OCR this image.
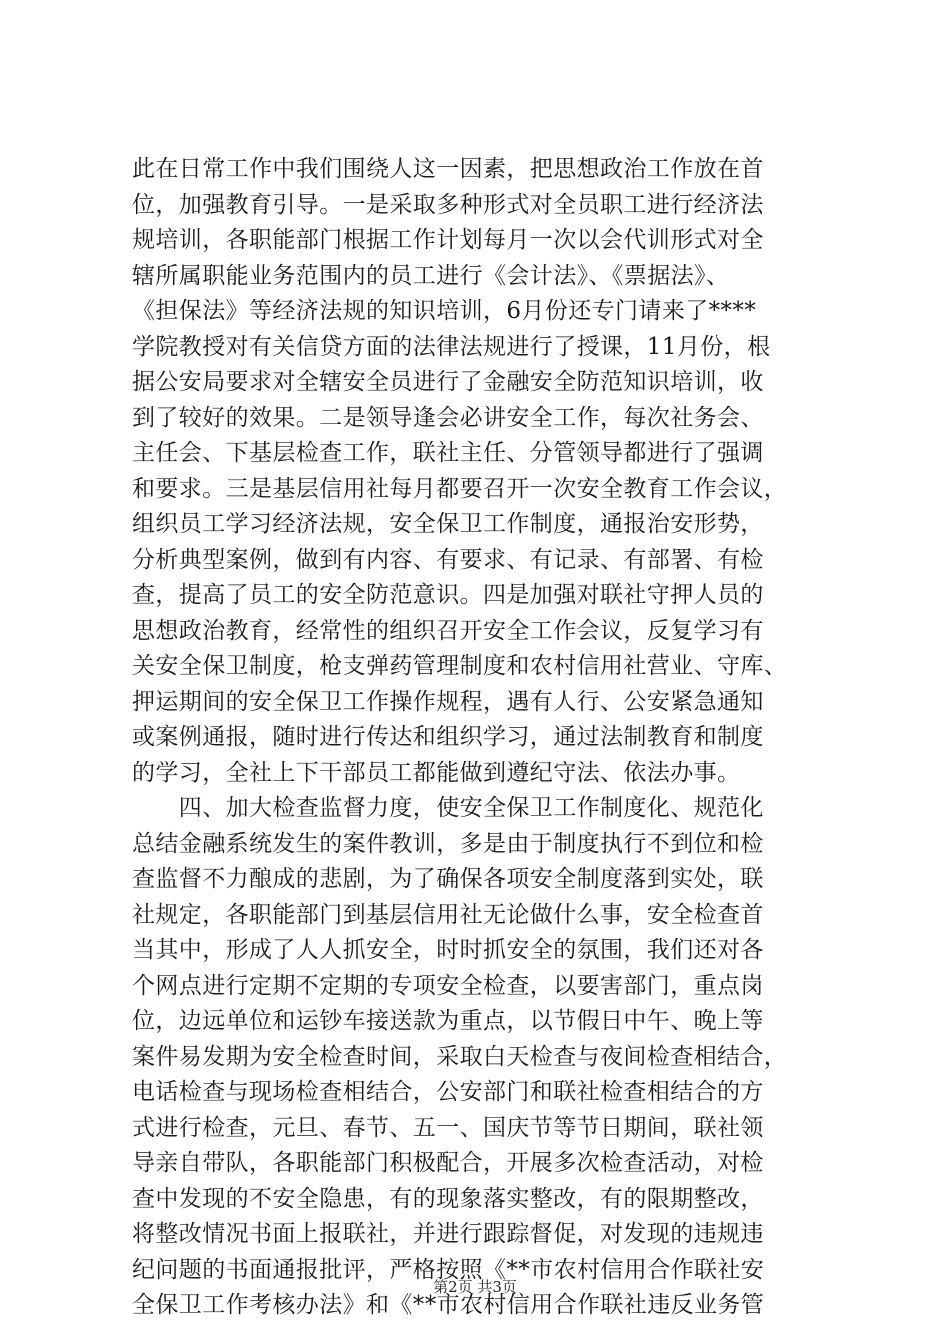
此在日常工作中我们围绕人这一因素，把思想政治工作放在首
位，加强教育引导。一是采取多种形式对全员职工进行经济法
规培训，各职能部门根据工作计划每月一次以会代训形式对全
辖所属职能业务范围内的员工进行《会计法》、《票据法》、
《担保法》等经济法规的知识培训，6月份还专门请来了****
学院教授对有关信贷方面的法律法规进行了授课，11月份，根
据公安局要求对全辖安全员进行了金融安全防范知识培训，收
到了较好的效果。二是领导逢会必讲安全工作，每次社务会、
主任会、下基层检查工作，联社主任、分管领导都进行了强调
和要求。三是基层信用社每月都要召开一次安全教育工作会议，
组织员工学习经济法规，安全保卫工作制度，通报治安形势，
分析典型案例，做到有内容、有要求、有记录、有部署、有检
查，提高了员工的安全防范意识。四是加强对联社守押人员的
思想政治教育，经常性的组织召开安全工作会议，反复学习有
关安全保卫制度，枪支弹药管理制度和农村信用社营业、守库、
押运期间的安全保卫工作操作规程，遇有人行、公安紧急通知
或案例通报，随时进行传达和组织学习，通过法制教育和制度
的学习，全社上下干部员工都能做到遵纪守法、依法办事。
　　四、加大检查监督力度，使安全保卫工作制度化、规范化
总结金融系统发生的案件教训，多是由于制度执行不到位和检
查监督不力酿成的悲剧，为了确保各项安全制度落到实处，联
社规定，各职能部门到基层信用社无论做什么事，安全检查首
当其中，形成了人人抓安全，时时抓安全的氛围，我们还对各
个网点进行定期不定期的专项安全检查，以要害部门，重点岗
位，边远单位和运钞车接送款为重点，以节假日中午、晚上等
案件易发期为安全检查时间，采取白天检查与夜间检查相结合，
电话检查与现场检查相结合，公安部门和联社检查相结合的方
式进行检查，元旦、春节、五一、国庆节等节日期间，联社领
导亲自带队，各职能部门积极配合，开展多次检查活动，对检
查中发现的不安全隐患，有的现象落实整改，有的限期整改，
将整改情况书面上报联社，并进行跟踪督促，对发现的违规违
纪问题的书面通报批评，严格按照《**市农村信用合作联社安
全保卫工作考核办法》和《**市农村信用合作联社违反业务管
第2页 共3页
